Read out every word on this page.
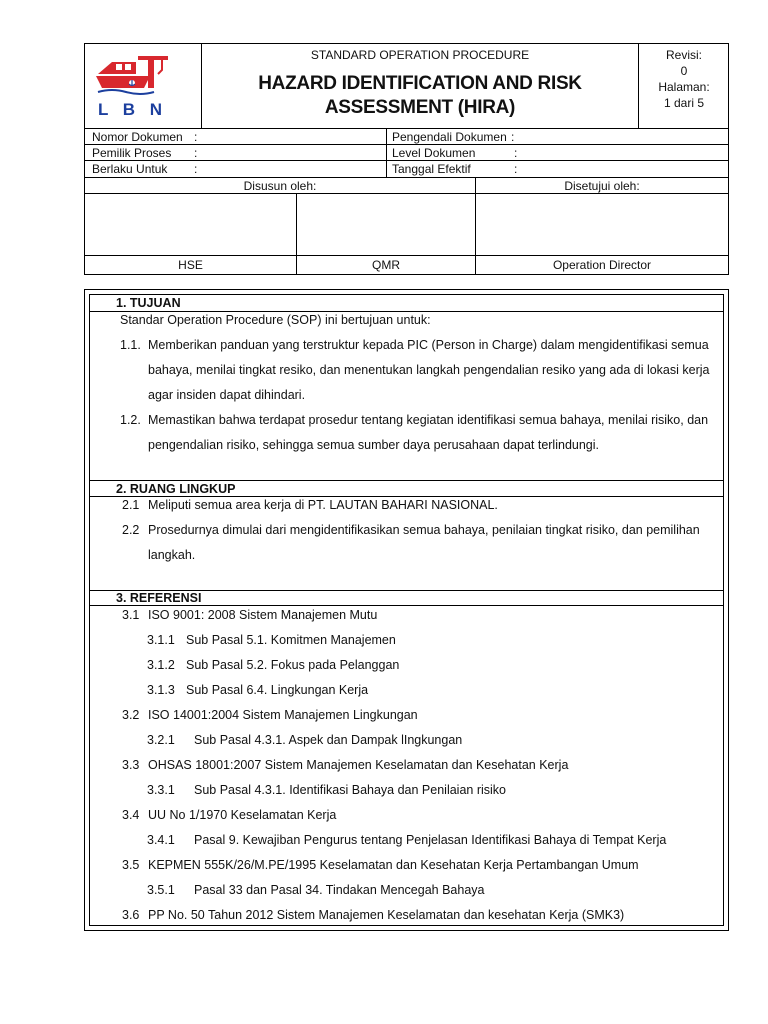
L B N
STANDARD OPERATION PROCEDURE
HAZARD IDENTIFICATION AND RISK
ASSESSMENT (HIRA)
Revisi:
0
Halaman:
1 dari 5
Nomor Dokumen :	Pengendali Dokumen :
Pemilik Proses :	Level Dokumen	:
Berlaku Untuk :	Tanggal Efektif	:
Disusun oleh:	Disetujui oleh:
HSE	QMR	Operation Director
1. TUJUAN
Standar Operation Procedure (SOP) ini bertujuan untuk:
1.1. Memberikan panduan yang terstruktur kepada PIC (Person in Charge) dalam mengidentifikasi semua
bahaya, menilai tingkat resiko, dan menentukan langkah pengendalian resiko yang ada di lokasi kerja
agar insiden dapat dihindari.
1.2. Memastikan bahwa terdapat prosedur tentang kegiatan identifikasi semua bahaya, menilai risiko, dan
pengendalian risiko, sehingga semua sumber daya perusahaan dapat terlindungi.
2. RUANG LINGKUP
2.1 Meliputi semua area kerja di PT. LAUTAN BAHARI NASIONAL.
2.2 Prosedurnya dimulai dari mengidentifikasikan semua bahaya, penilaian tingkat risiko, dan pemilihan
langkah.
3. REFERENSI
3.1 ISO 9001: 2008 Sistem Manajemen Mutu
3.1.1 Sub Pasal 5.1. Komitmen Manajemen
3.1.2 Sub Pasal 5.2. Fokus pada Pelanggan
3.1.3 Sub Pasal 6.4. Lingkungan Kerja
3.2 ISO 14001:2004 Sistem Manajemen Lingkungan
3.2.1 Sub Pasal 4.3.1. Aspek dan Dampak lIngkungan
3.3 OHSAS 18001:2007 Sistem Manajemen Keselamatan dan Kesehatan Kerja
3.3.1 Sub Pasal 4.3.1. Identifikasi Bahaya dan Penilaian risiko
3.4 UU No 1/1970 Keselamatan Kerja
3.4.1 Pasal 9. Kewajiban Pengurus tentang Penjelasan Identifikasi Bahaya di Tempat Kerja
3.5 KEPMEN 555K/26/M.PE/1995 Keselamatan dan Kesehatan Kerja Pertambangan Umum
3.5.1 Pasal 33 dan Pasal 34. Tindakan Mencegah Bahaya
3.6 PP No. 50 Tahun 2012 Sistem Manajemen Keselamatan dan kesehatan Kerja (SMK3)
